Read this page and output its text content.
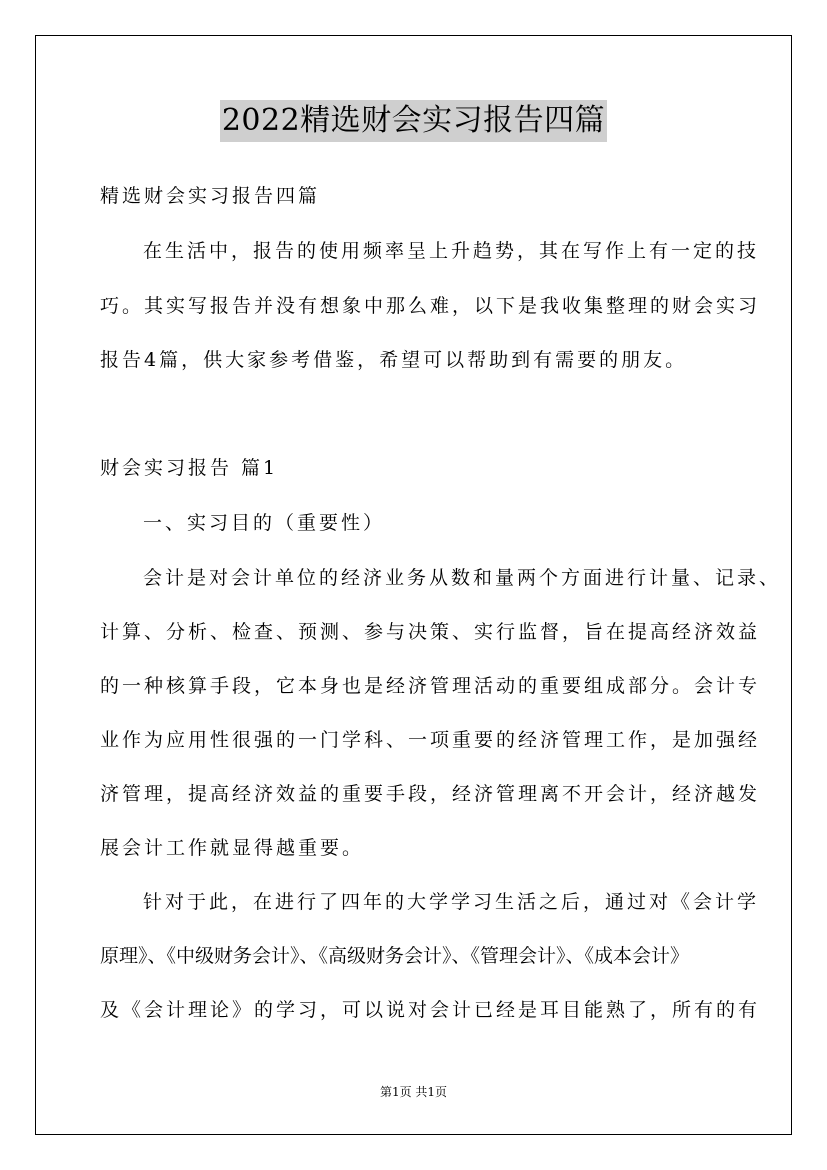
2022精选财会实习报告四篇
精选财会实习报告四篇
在生活中，报告的使用频率呈上升趋势，其在写作上有一定的技
巧。其实写报告并没有想象中那么难，以下是我收集整理的财会实习
报告4篇，供大家参考借鉴，希望可以帮助到有需要的朋友。
财会实习报告 篇1
一、实习目的（重要性）
会计是对会计单位的经济业务从数和量两个方面进行计量、记录、
计算、分析、检查、预测、参与决策、实行监督，旨在提高经济效益
的一种核算手段，它本身也是经济管理活动的重要组成部分。会计专
业作为应用性很强的一门学科、一项重要的经济管理工作，是加强经
济管理，提高经济效益的重要手段，经济管理离不开会计，经济越发
展会计工作就显得越重要。
针对于此，在进行了四年的大学学习生活之后，通过对《会计学
原理》、《中级财务会计》、《高级财务会计》、《管理会计》、《成本会计》
及《会计理论》的学习，可以说对会计已经是耳目能熟了，所有的有
第1页 共1页
